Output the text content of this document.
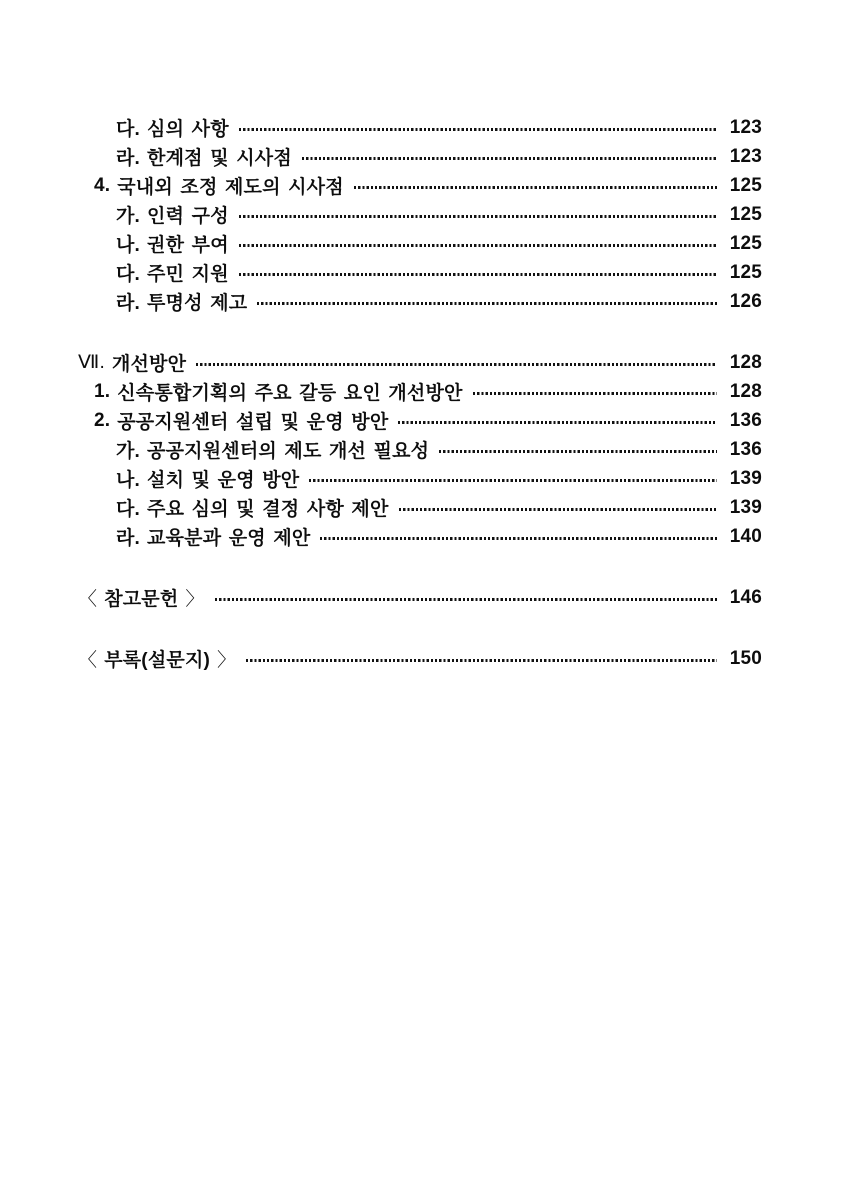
다. 심의 사항	123
라. 한계점 및 시사점	123
4. 국내외 조정 제도의 시사점	125
가. 인력 구성	125
나. 권한 부여	125
다. 주민 지원	125
라. 투명성 제고	126
Ⅶ. 개선방안	128
1. 신속통합기획의 주요 갈등 요인 개선방안	128
2. 공공지원센터 설립 및 운영 방안	136
가. 공공지원센터의 제도 개선 필요성	136
나. 설치 및 운영 방안	139
다. 주요 심의 및 결정 사항 제안	139
라. 교육분과 운영 제안	140
〈 참고문헌 〉	146
〈 부록(설문지) 〉	150
